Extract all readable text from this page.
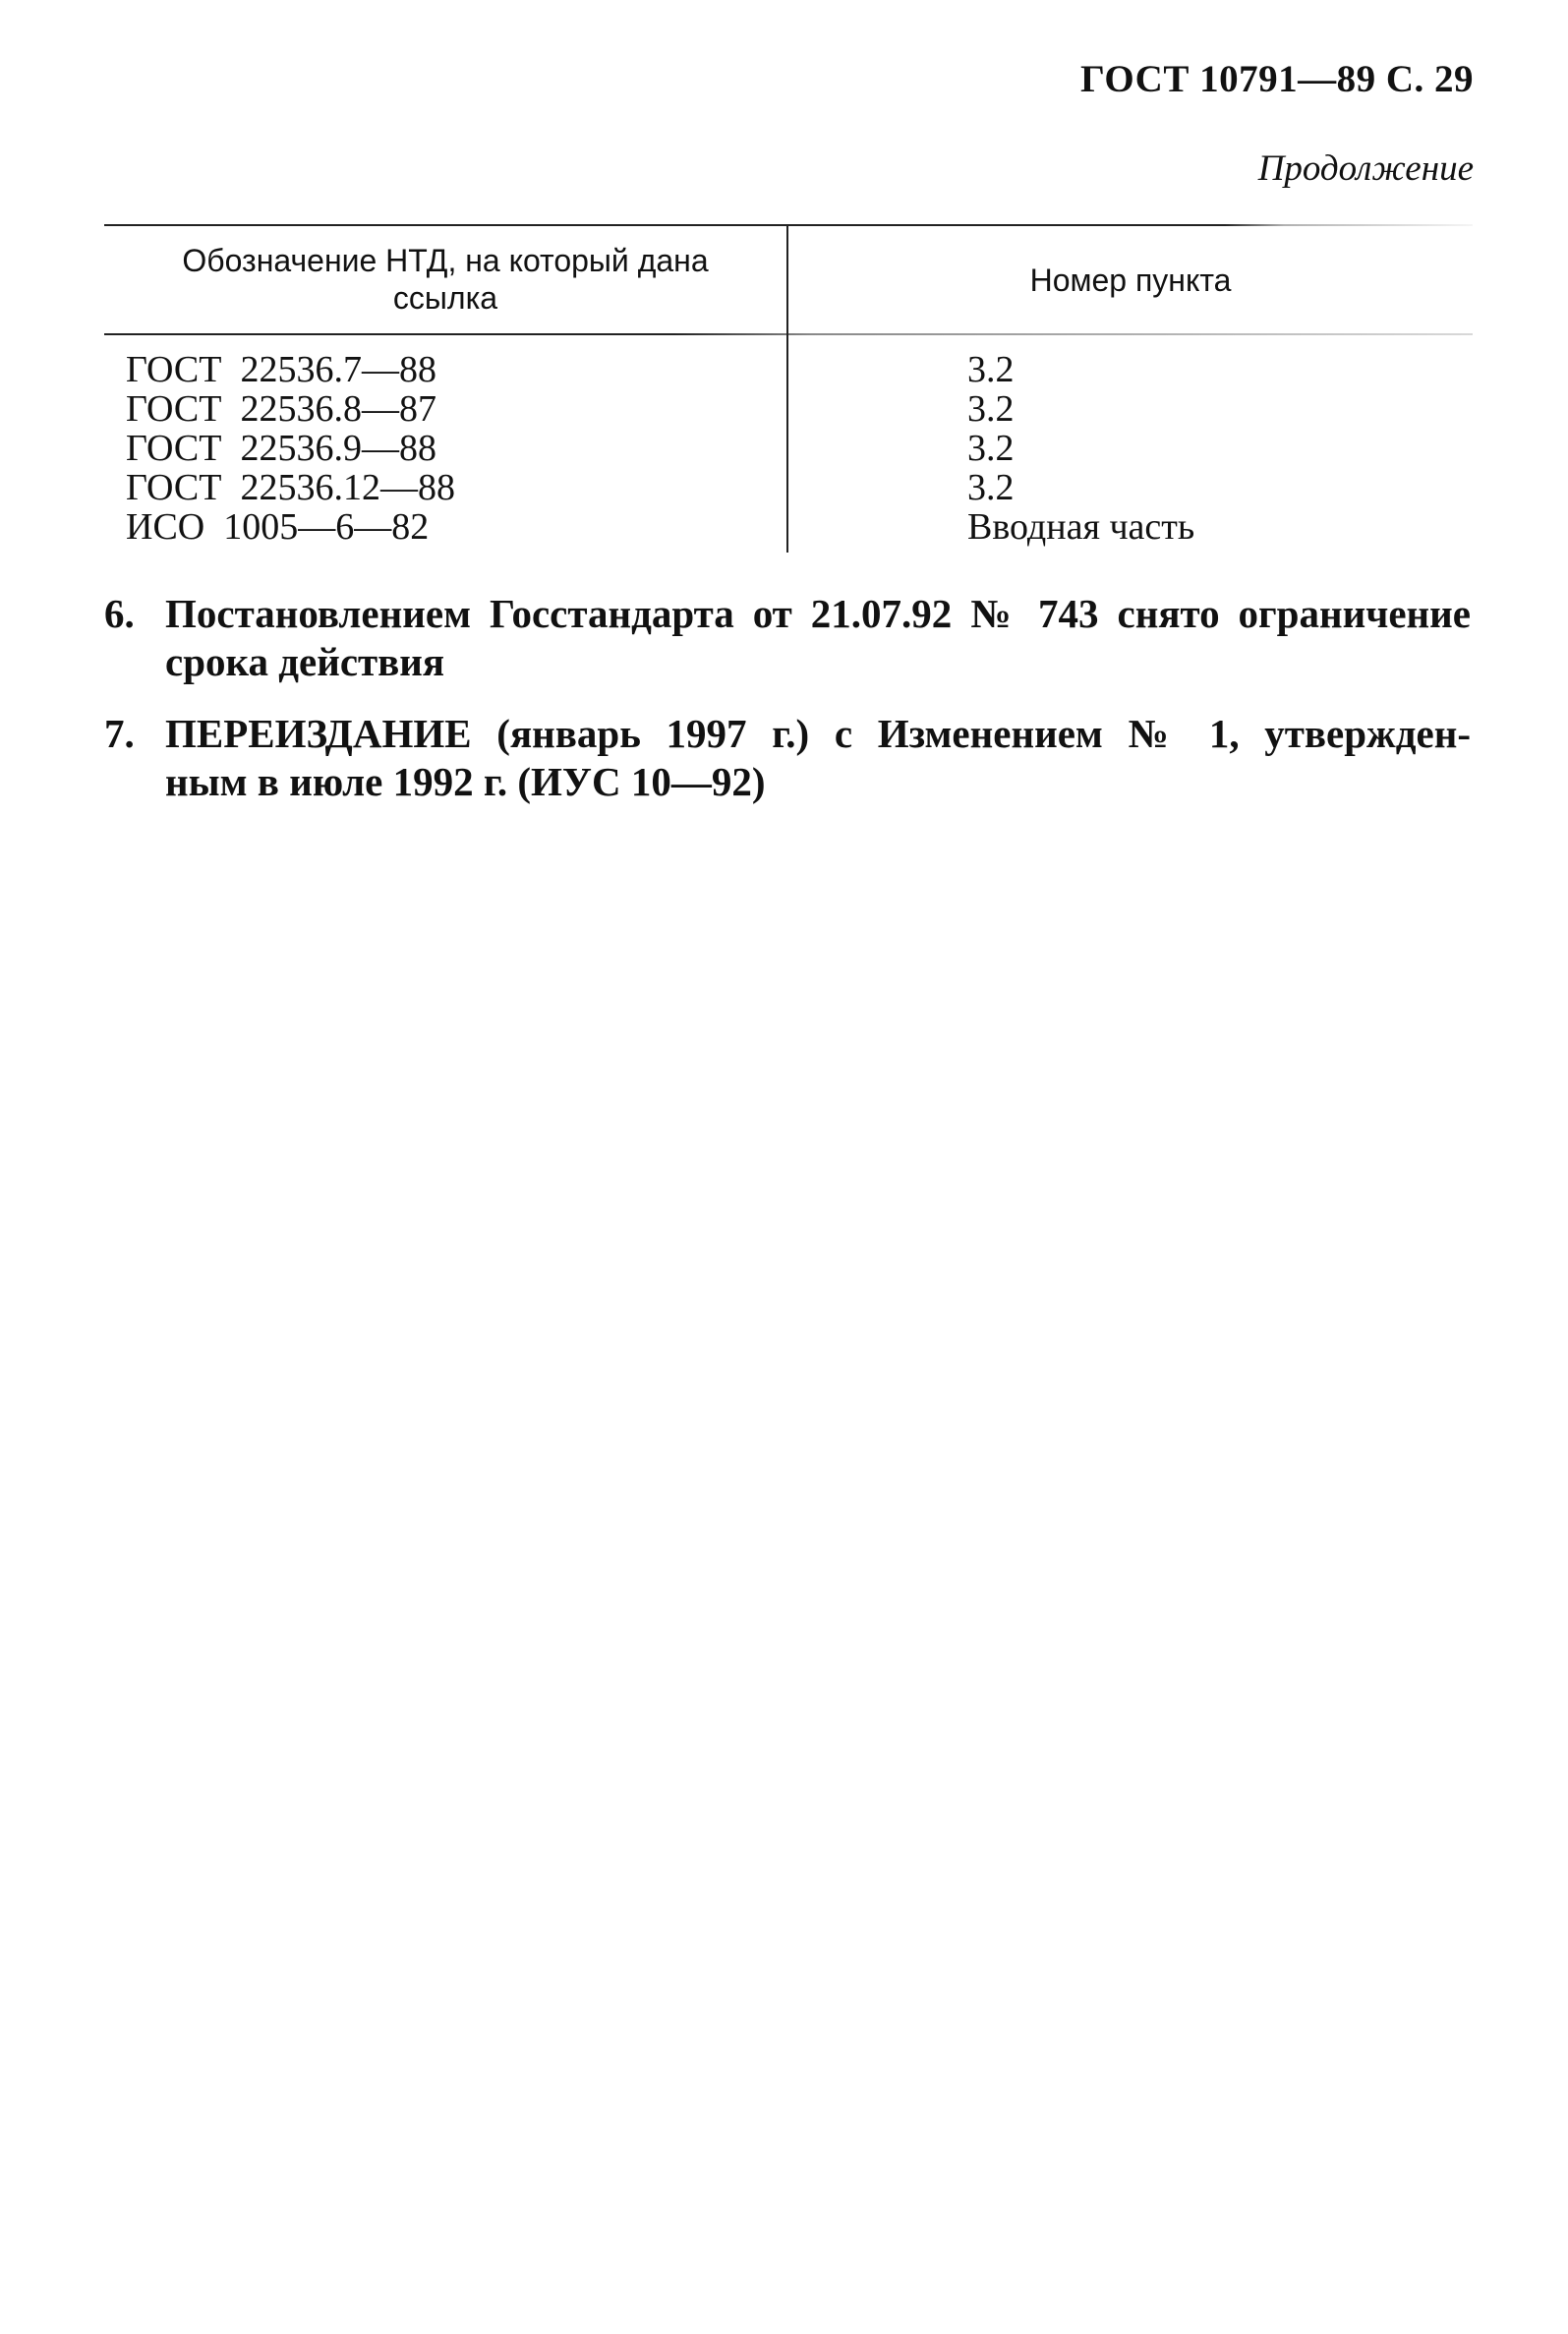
ГОСТ 10791—89 С. 29
Продолжение
Обозначение НТД, на который дана
ссылка	Номер пункта
ГОСТ  22536.7—88	3.2
ГОСТ  22536.8—87	3.2
ГОСТ  22536.9—88	3.2
ГОСТ  22536.12—88	3.2
ИСО  1005—6—82	Вводная часть
6. Постановлением Госстандарта от 21.07.92 № 743 снято ограничение
срока действия
7. ПЕРЕИЗДАНИЕ (январь 1997 г.) с Изменением № 1, утвержден-
ным в июле 1992 г. (ИУС 10—92)
